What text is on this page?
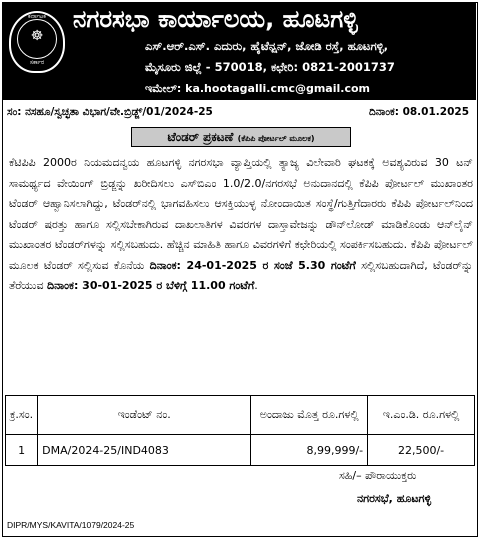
ಕರ್ನಾಟಕ
☸
ಸರ್ಕಾರ
ನಗರಸಭಾ ಕಾರ್ಯಾಲಯ, ಹೂಟಗಳ್ಳಿ
ಎಸ್.ಆರ್.ಎಸ್. ಎದುರು, ಹೈಟೆನ್ಷನ್, ಜೋಡಿ ರಸ್ತೆ, ಹೂಟಗಳ್ಳಿ,
ಮೈಸೂರು ಜಿಲ್ಲೆ - 570018, ಕಛೇರಿ: 0821-2001737
ಇಮೇಲ್: ka.hootagalli.cmc@gmail.com
ಸಂ: ನಸಹೂ/ಸ್ವಚ್ಛತಾ ವಿಭಾಗ/ವೇ.ಬ್ರಿಡ್ಜ್/01/2024-25	ದಿನಾಂಕ: 08.01.2025
ಟೆಂಡರ್ ಪ್ರಕಟಣೆ (ಕೆಪಿಪಿ ಪೋರ್ಟಲ್ ಮೂಲಕ)
ಕೆಟಿಪಿಪಿ 2000ರ ನಿಯಮದನ್ವಯ ಹೂಟಗಳ್ಳಿ ನಗರಸಭಾ ವ್ಯಾಪ್ತಿಯಲ್ಲಿ ತ್ಯಾಜ್ಯ ವಿಲೇವಾರಿ ಘಟಕಕ್ಕೆ ಅವಶ್ಯವಿರುವ 30 ಟನ್ ಸಾಮರ್ಥ್ಯದ ವೇಯಿಂಗ್ ಬ್ರಿಡ್ಜನ್ನು ಖರೀದಿಸಲು ಎಸ್‌ಬಿಎಂ 1.0/2.0/ನಗರಸಭೆ ಅನುದಾನದಲ್ಲಿ ಕೆಪಿಪಿ ಪೋರ್ಟಲ್ ಮುಖಾಂತರ ಟೆಂಡರ್ ಆಹ್ವಾನಿಸಲಾಗಿದ್ದು, ಟೆಂಡರ್‌ನಲ್ಲಿ ಭಾಗವಹಿಸಲು ಆಸಕ್ತಿಯುಳ್ಳ ನೋಂದಾಯಿತ ಸಂಸ್ಥೆ/ಗುತ್ತಿಗೆದಾರರು ಕೆಪಿಪಿ ಪೋರ್ಟಲ್‌ನಿಂದ ಟೆಂಡರ್ ಷರತ್ತು ಹಾಗೂ ಸಲ್ಲಿಸಬೇಕಾಗಿರುವ ದಾಖಲಾತಿಗಳ ವಿವರಗಳ ದಾಸ್ತಾವೇಜನ್ನು ಡೌನ್‌ಲೋಡ್ ಮಾಡಿಕೊಂಡು ಆನ್‌ಲೈನ್ ಮುಖಾಂತರ ಟೆಂಡರ್‌ಗಳನ್ನು ಸಲ್ಲಿಸಬಹುದು. ಹೆಚ್ಚಿನ ಮಾಹಿತಿ ಹಾಗೂ ವಿವರಗಳಿಗೆ ಕಛೇರಿಯಲ್ಲಿ ಸಂಪರ್ಕಿಸಬಹುದು. ಕೆಪಿಪಿ ಪೋರ್ಟಲ್ ಮೂಲಕ ಟೆಂಡರ್ ಸಲ್ಲಿಸುವ ಕೊನೆಯ ದಿನಾಂಕ: 24-01-2025 ರ ಸಂಜೆ 5.30 ಗಂಟೆಗೆ ಸಲ್ಲಿಸಬಹುದಾಗಿದೆ, ಟೆಂಡರ್‌ನ್ನು ತೆರೆಯುವ ದಿನಾಂಕ: 30-01-2025 ರ ಬೆಳಿಗ್ಗೆ 11.00 ಗಂಟೆಗೆ.
ಕ್ರ.ಸಂ.	ಇಂಡೆಂಟ್ ನಂ.	ಅಂದಾಜು ಮೊತ್ತ ರೂ.ಗಳಲ್ಲಿ	ಇ.ಎಂ.ಡಿ. ರೂ.ಗಳಲ್ಲಿ
1	DMA/2024-25/IND4083	8,99,999/-	22,500/-
ಸಹಿ/– ಪೌರಾಯುಕ್ತರು
ನಗರಸಭೆ, ಹೂಟಗಳ್ಳಿ
DIPR/MYS/KAVITA/1079/2024-25
